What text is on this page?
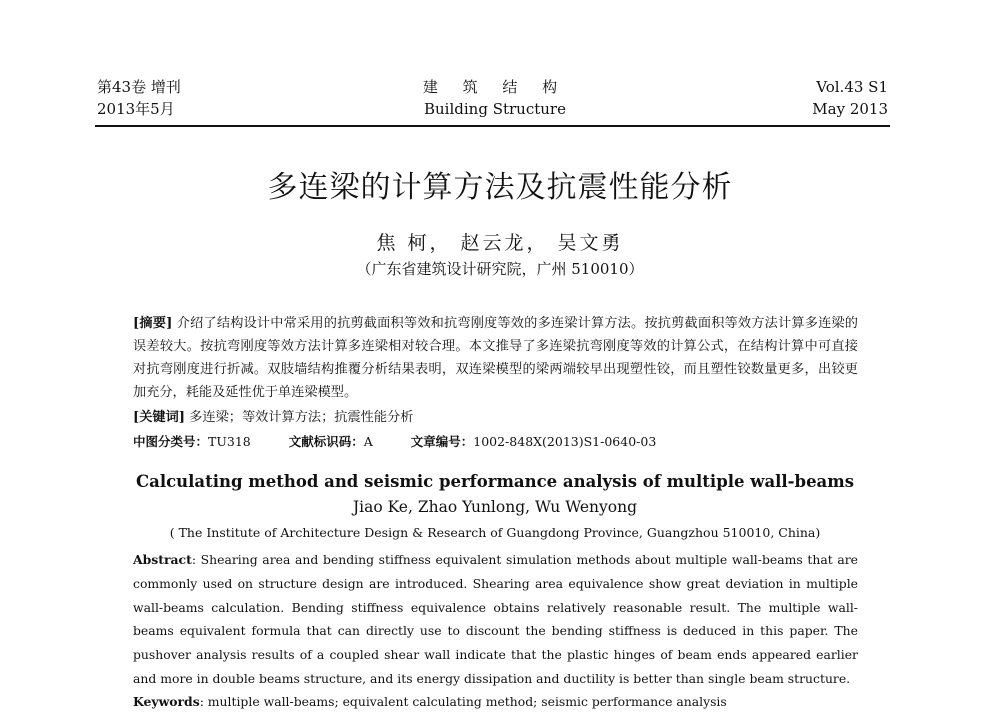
第43卷 增刊
2013年5月
建 筑 结 构
Building Structure
Vol.43 S1
May 2013
多连梁的计算方法及抗震性能分析
焦 柯， 赵云龙， 吴文勇
（广东省建筑设计研究院，广州 510010）
[摘要] 介绍了结构设计中常采用的抗剪截面积等效和抗弯刚度等效的多连梁计算方法。按抗剪截面积等效方法计算多连梁的误差较大。按抗弯刚度等效方法计算多连梁相对较合理。本文推导了多连梁抗弯刚度等效的计算公式，在结构计算中可直接对抗弯刚度进行折减。双肢墙结构推覆分析结果表明，双连梁模型的梁两端较早出现塑性铰，而且塑性铰数量更多，出铰更加充分，耗能及延性优于单连梁模型。
[关键词] 多连梁；等效计算方法；抗震性能分析
中图分类号：TU318	文献标识码：A	文章编号：1002-848X(2013)S1-0640-03
Calculating method and seismic performance analysis of multiple wall-beams
Jiao Ke, Zhao Yunlong, Wu Wenyong
( The Institute of Architecture Design & Research of Guangdong Province, Guangzhou 510010, China)
Abstract: Shearing area and bending stiffness equivalent simulation methods about multiple wall-beams that are commonly used on structure design are introduced. Shearing area equivalence show great deviation in multiple wall-beams calculation. Bending stiffness equivalence obtains relatively reasonable result. The multiple wall-beams equivalent formula that can directly use to discount the bending stiffness is deduced in this paper. The pushover analysis results of a coupled shear wall indicate that the plastic hinges of beam ends appeared earlier and more in double beams structure, and its energy dissipation and ductility is better than single beam structure.
Keywords: multiple wall-beams; equivalent calculating method; seismic performance analysis
